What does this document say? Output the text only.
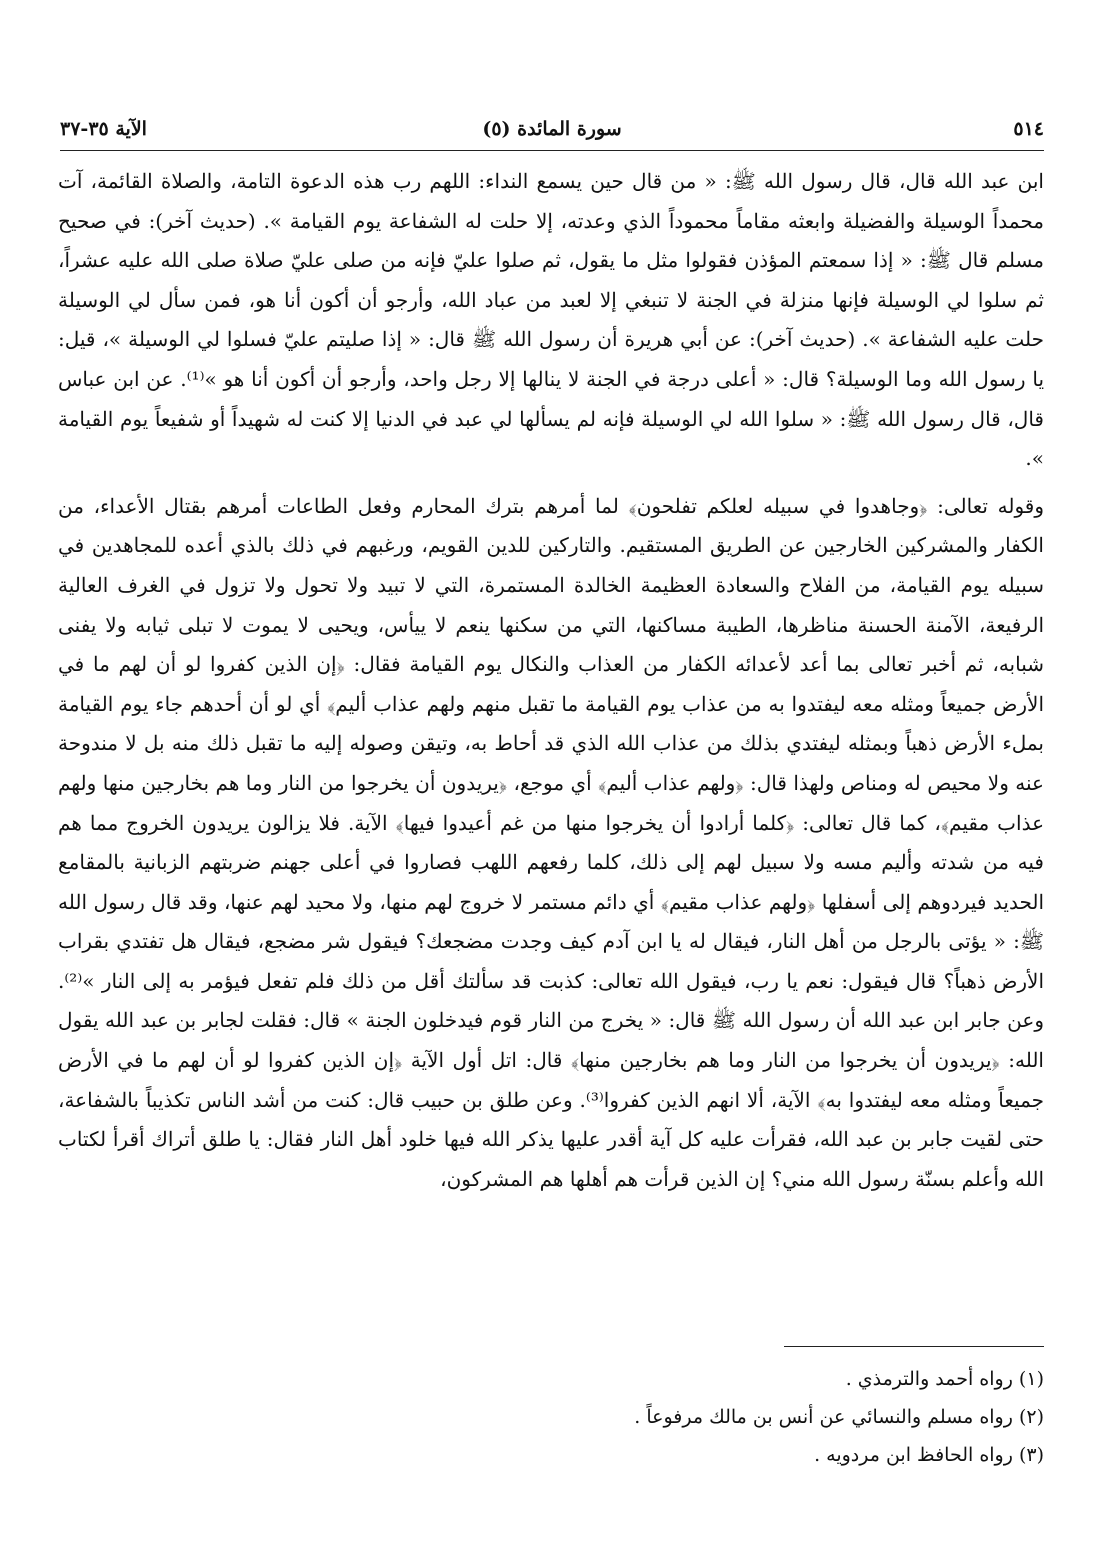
٥١٤
(٥) سورة المائدة
الآية ٣٥-٣٧

ابن عبد الله قال، قال رسول الله ﷺ: « من قال حين يسمع النداء: اللهم رب هذه الدعوة التامة، والصلاة القائمة، آت محمداً الوسيلة والفضيلة وابعثه مقاماً محموداً الذي وعدته، إلا حلت له الشفاعة يوم القيامة ». (حديث آخر): في صحيح مسلم قال ﷺ: « إذا سمعتم المؤذن فقولوا مثل ما يقول، ثم صلوا عليّ فإنه من صلى عليّ صلاة صلى الله عليه عشراً، ثم سلوا لي الوسيلة فإنها منزلة في الجنة لا تنبغي إلا لعبد من عباد الله، وأرجو أن أكون أنا هو، فمن سأل لي الوسيلة حلت عليه الشفاعة ». (حديث آخر): عن أبي هريرة أن رسول الله ﷺ قال: « إذا صليتم عليّ فسلوا لي الوسيلة »، قيل: يا رسول الله وما الوسيلة؟ قال: « أعلى درجة في الجنة لا ينالها إلا رجل واحد، وأرجو أن أكون أنا هو »⁽¹⁾. عن ابن عباس قال، قال رسول الله ﷺ: « سلوا الله لي الوسيلة فإنه لم يسألها لي عبد في الدنيا إلا كنت له شهيداً أو شفيعاً يوم القيامة ».

وقوله تعالى: ﴿وجاهدوا في سبيله لعلكم تفلحون﴾ لما أمرهم بترك المحارم وفعل الطاعات أمرهم بقتال الأعداء، من الكفار والمشركين الخارجين عن الطريق المستقيم. والتاركين للدين القويم، ورغبهم في ذلك بالذي أعده للمجاهدين في سبيله يوم القيامة، من الفلاح والسعادة العظيمة الخالدة المستمرة، التي لا تبيد ولا تحول ولا تزول في الغرف العالية الرفيعة، الآمنة الحسنة مناظرها، الطيبة مساكنها، التي من سكنها ينعم لا ييأس، ويحيى لا يموت لا تبلى ثيابه ولا يفنى شبابه، ثم أخبر تعالى بما أعد لأعدائه الكفار من العذاب والنكال يوم القيامة فقال: ﴿إن الذين كفروا لو أن لهم ما في الأرض جميعاً ومثله معه ليفتدوا به من عذاب يوم القيامة ما تقبل منهم ولهم عذاب أليم﴾ أي لو أن أحدهم جاء يوم القيامة بملء الأرض ذهباً وبمثله ليفتدي بذلك من عذاب الله الذي قد أحاط به، وتيقن وصوله إليه ما تقبل ذلك منه بل لا مندوحة عنه ولا محيص له ومناص ولهذا قال: ﴿ولهم عذاب أليم﴾ أي موجع، ﴿يريدون أن يخرجوا من النار وما هم بخارجين منها ولهم عذاب مقيم﴾، كما قال تعالى: ﴿كلما أرادوا أن يخرجوا منها من غم أعيدوا فيها﴾ الآية. فلا يزالون يريدون الخروج مما هم فيه من شدته وأليم مسه ولا سبيل لهم إلى ذلك، كلما رفعهم اللهب فصاروا في أعلى جهنم ضربتهم الزبانية بالمقامع الحديد فيردوهم إلى أسفلها ﴿ولهم عذاب مقيم﴾ أي دائم مستمر لا خروج لهم منها، ولا محيد لهم عنها، وقد قال رسول الله ﷺ: « يؤتى بالرجل من أهل النار، فيقال له يا ابن آدم كيف وجدت مضجعك؟ فيقول شر مضجع، فيقال هل تفتدي بقراب الأرض ذهباً؟ قال فيقول: نعم يا رب، فيقول الله تعالى: كذبت قد سألتك أقل من ذلك فلم تفعل فيؤمر به إلى النار »⁽²⁾. وعن جابر ابن عبد الله أن رسول الله ﷺ قال: « يخرج من النار قوم فيدخلون الجنة » قال: فقلت لجابر بن عبد الله يقول الله: ﴿يريدون أن يخرجوا من النار وما هم بخارجين منها﴾ قال: اتل أول الآية ﴿إن الذين كفروا لو أن لهم ما في الأرض جميعاً ومثله معه ليفتدوا به﴾ الآية، ألا انهم الذين كفروا⁽³⁾. وعن طلق بن حبيب قال: كنت من أشد الناس تكذيباً بالشفاعة، حتى لقيت جابر بن عبد الله، فقرأت عليه كل آية أقدر عليها يذكر الله فيها خلود أهل النار فقال: يا طلق أتراك أقرأ لكتاب الله وأعلم بسنّة رسول الله مني؟ إن الذين قرأت هم أهلها هم المشركون،

(١) رواه أحمد والترمذي .
(٢) رواه مسلم والنسائي عن أنس بن مالك مرفوعاً .
(٣) رواه الحافظ ابن مردويه .
